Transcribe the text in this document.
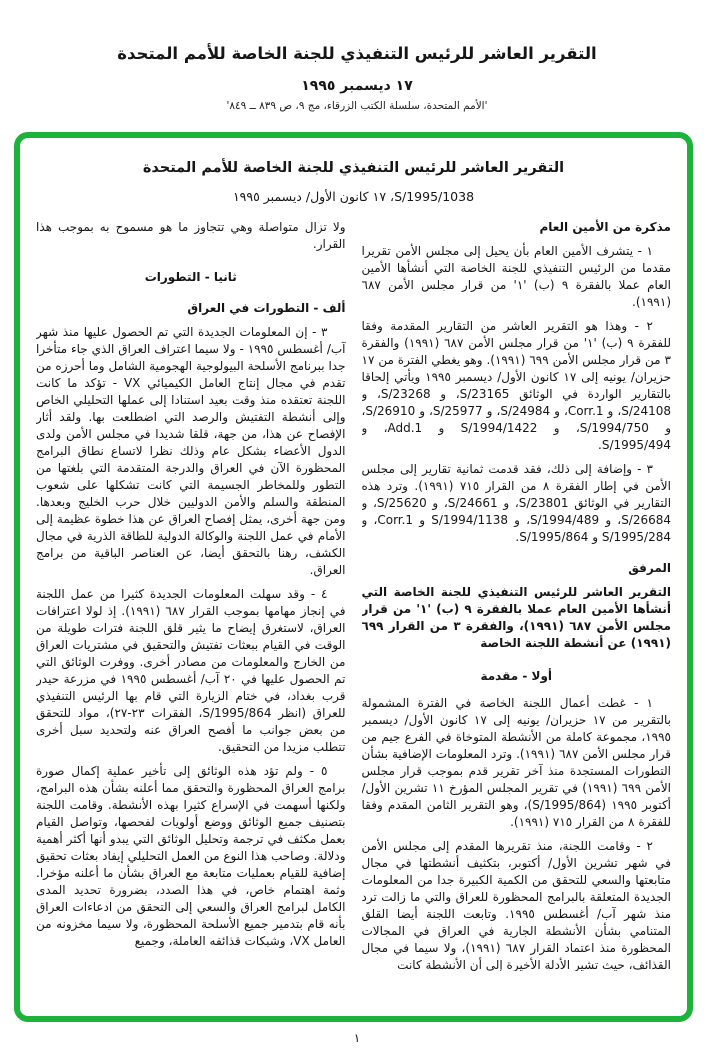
التقرير العاشر للرئيس التنفيذي للجنة الخاصة للأمم المتحدة
١٧ ديسمبر ١٩٩٥
'الأمم المتحدة، سلسلة الكتب الزرقاء، مج ٩، ص ٨٣٩ ــ ٨٤٩'
التقرير العاشر للرئيس التنفيذي للجنة الخاصة للأمم المتحدة
S/1995/1038، ١٧ كانون الأول/ ديسمبر ١٩٩٥
مذكرة من الأمين العام
١ - يتشرف الأمين العام بأن يحيل إلى مجلس الأمن تقريرا مقدما من الرئيس التنفيذي للجنة الخاصة التي أنشأها الأمين العام عملا بالفقرة ٩ (ب) '١' من قرار مجلس الأمن ٦٨٧ (١٩٩١).
٢ - وهذا هو التقرير العاشر من التقارير المقدمة وفقا للفقرة ٩ (ب) '١' من قرار مجلس الأمن ٦٨٧ (١٩٩١) والفقرة ٣ من قرار مجلس الأمن ٦٩٩ (١٩٩١). وهو يغطي الفترة من ١٧ حزيران/ يونيه إلى ١٧ كانون الأول/ ديسمبر ١٩٩٥ ويأتي إلحاقا بالتقارير الواردة في الوثائق S/23165، و S/23268، و S/24108، و Corr.1، و S/24984، و S/25977، و S/26910، و S/1994/750، و S/1994/1422 و Add.1، و S/1995/494.
٣ - وإضافة إلى ذلك، فقد قدمت ثمانية تقارير إلى مجلس الأمن في إطار الفقرة ٨ من القرار ٧١٥ (١٩٩١). وترد هذه التقارير في الوثائق S/23801، و S/24661، و S/25620، و S/26684، و S/1994/489، و S/1994/1138 و Corr.1، و S/1995/284 و S/1995/864.
المرفق
التقرير العاشر للرئيس التنفيذي للجنة الخاصة التي أنشأها الأمين العام عملا بالفقرة ٩ (ب) '١' من قرار مجلس الأمن ٦٨٧ (١٩٩١)، والفقرة ٣ من القرار ٦٩٩ (١٩٩١) عن أنشطة اللجنة الخاصة
أولا - مقدمة
١ - غطت أعمال اللجنة الخاصة في الفترة المشمولة بالتقرير من ١٧ حزيران/ يونيه إلى ١٧ كانون الأول/ ديسمبر ١٩٩٥، مجموعة كاملة من الأنشطة المتوخاة في الفرع جيم من قرار مجلس الأمن ٦٨٧ (١٩٩١). وترد المعلومات الإضافية بشأن التطورات المستجدة منذ آخر تقرير قدم بموجب قرار مجلس الأمن ٦٩٩ (١٩٩١) في تقرير المجلس المؤرخ ١١ تشرين الأول/ أكتوبر ١٩٩٥ (S/1995/864)، وهو التقرير الثامن المقدم وفقا للفقرة ٨ من القرار ٧١٥ (١٩٩١).
٢ - وقامت اللجنة، منذ تقريرها المقدم إلى مجلس الأمن في شهر تشرين الأول/ أكتوبر، بتكثيف أنشطتها في مجال متابعتها والسعي للتحقق من الكمية الكبيرة جدا من المعلومات الجديدة المتعلقة بالبرامج المحظورة للعراق والتي ما زالت ترد منذ شهر آب/ أغسطس ١٩٩٥. وتابعت اللجنة أيضا القلق المتنامي بشأن الأنشطة الجارية في العراق في المجالات المحظورة منذ اعتماد القرار ٦٨٧ (١٩٩١)، ولا سيما في مجال القذائف، حيث تشير الأدلة الأخيرة إلى أن الأنشطة كانت
ولا تزال متواصلة وهي تتجاوز ما هو مسموح به بموجب هذا القرار.
ثانيا - التطورات
ألف - التطورات في العراق
٣ - إن المعلومات الجديدة التي تم الحصول عليها منذ شهر آب/ أغسطس ١٩٩٥ - ولا سيما اعتراف العراق الذي جاء متأخرا جدا ببرنامج الأسلحة البيولوجية الهجومية الشامل وما أحرزه من تقدم في مجال إنتاج العامل الكيميائي VX - تؤكد ما كانت اللجنة تعتقده منذ وقت بعيد استنادا إلى عملها التحليلي الخاص وإلى أنشطة التفتيش والرصد التي اضطلعت بها. ولقد أثار الإفصاح عن هذا، من جهة، قلقا شديدا في مجلس الأمن ولدى الدول الأعضاء بشكل عام وذلك نظرا لاتساع نطاق البرامج المحظورة الآن في العراق والدرجة المتقدمة التي بلغتها من التطور وللمخاطر الجسيمة التي كانت تشكلها على شعوب المنطقة والسلم والأمن الدوليين خلال حرب الخليج وبعدها. ومن جهة أخرى، يمثل إفصاح العراق عن هذا خطوة عظيمة إلى الأمام في عمل اللجنة والوكالة الدولية للطاقة الذرية في مجال الكشف، رهنا بالتحقق أيضا، عن العناصر الباقية من برامج العراق.
٤ - وقد سهلت المعلومات الجديدة كثيرا من عمل اللجنة في إنجاز مهامها بموجب القرار ٦٨٧ (١٩٩١). إذ لولا اعترافات العراق، لاستغرق إيضاح ما يثير قلق اللجنة فترات طويلة من الوقت في القيام ببعثات تفتيش والتحقيق في مشتريات العراق من الخارج والمعلومات من مصادر أخرى. ووفرت الوثائق التي تم الحصول عليها في ٢٠ آب/ أغسطس ١٩٩٥ في مزرعة حيدر قرب بغداد، في ختام الزيارة التي قام بها الرئيس التنفيذي للعراق (انظر S/1995/864، الفقرات ٢٣-٢٧)، مواد للتحقق من بعض جوانب ما أفصح العراق عنه ولتحديد سبل أخرى تتطلب مزيدا من التحقيق.
٥ - ولم تؤد هذه الوثائق إلى تأخير عملية إكمال صورة برامج العراق المحظورة والتحقق مما أعلنه بشأن هذه البرامج، ولكنها أسهمت في الإسراع كثيرا بهذه الأنشطة. وقامت اللجنة بتصنيف جميع الوثائق ووضع أولويات لفحصها، وتواصل القيام بعمل مكثف في ترجمة وتحليل الوثائق التي يبدو أنها أكثر أهمية ودلالة. وصاحب هذا النوع من العمل التحليلي إيفاد بعثات تحقيق إضافية للقيام بعمليات متابعة مع العراق بشأن ما أعلنه مؤخرا. وثمة اهتمام خاص، في هذا الصدد، بضرورة تحديد المدى الكامل لبرامج العراق والسعي إلى التحقق من ادعاءات العراق بأنه قام بتدمير جميع الأسلحة المحظورة، ولا سيما مخزونه من العامل VX، وشبكات قذائفه العاملة، وجميع
١
